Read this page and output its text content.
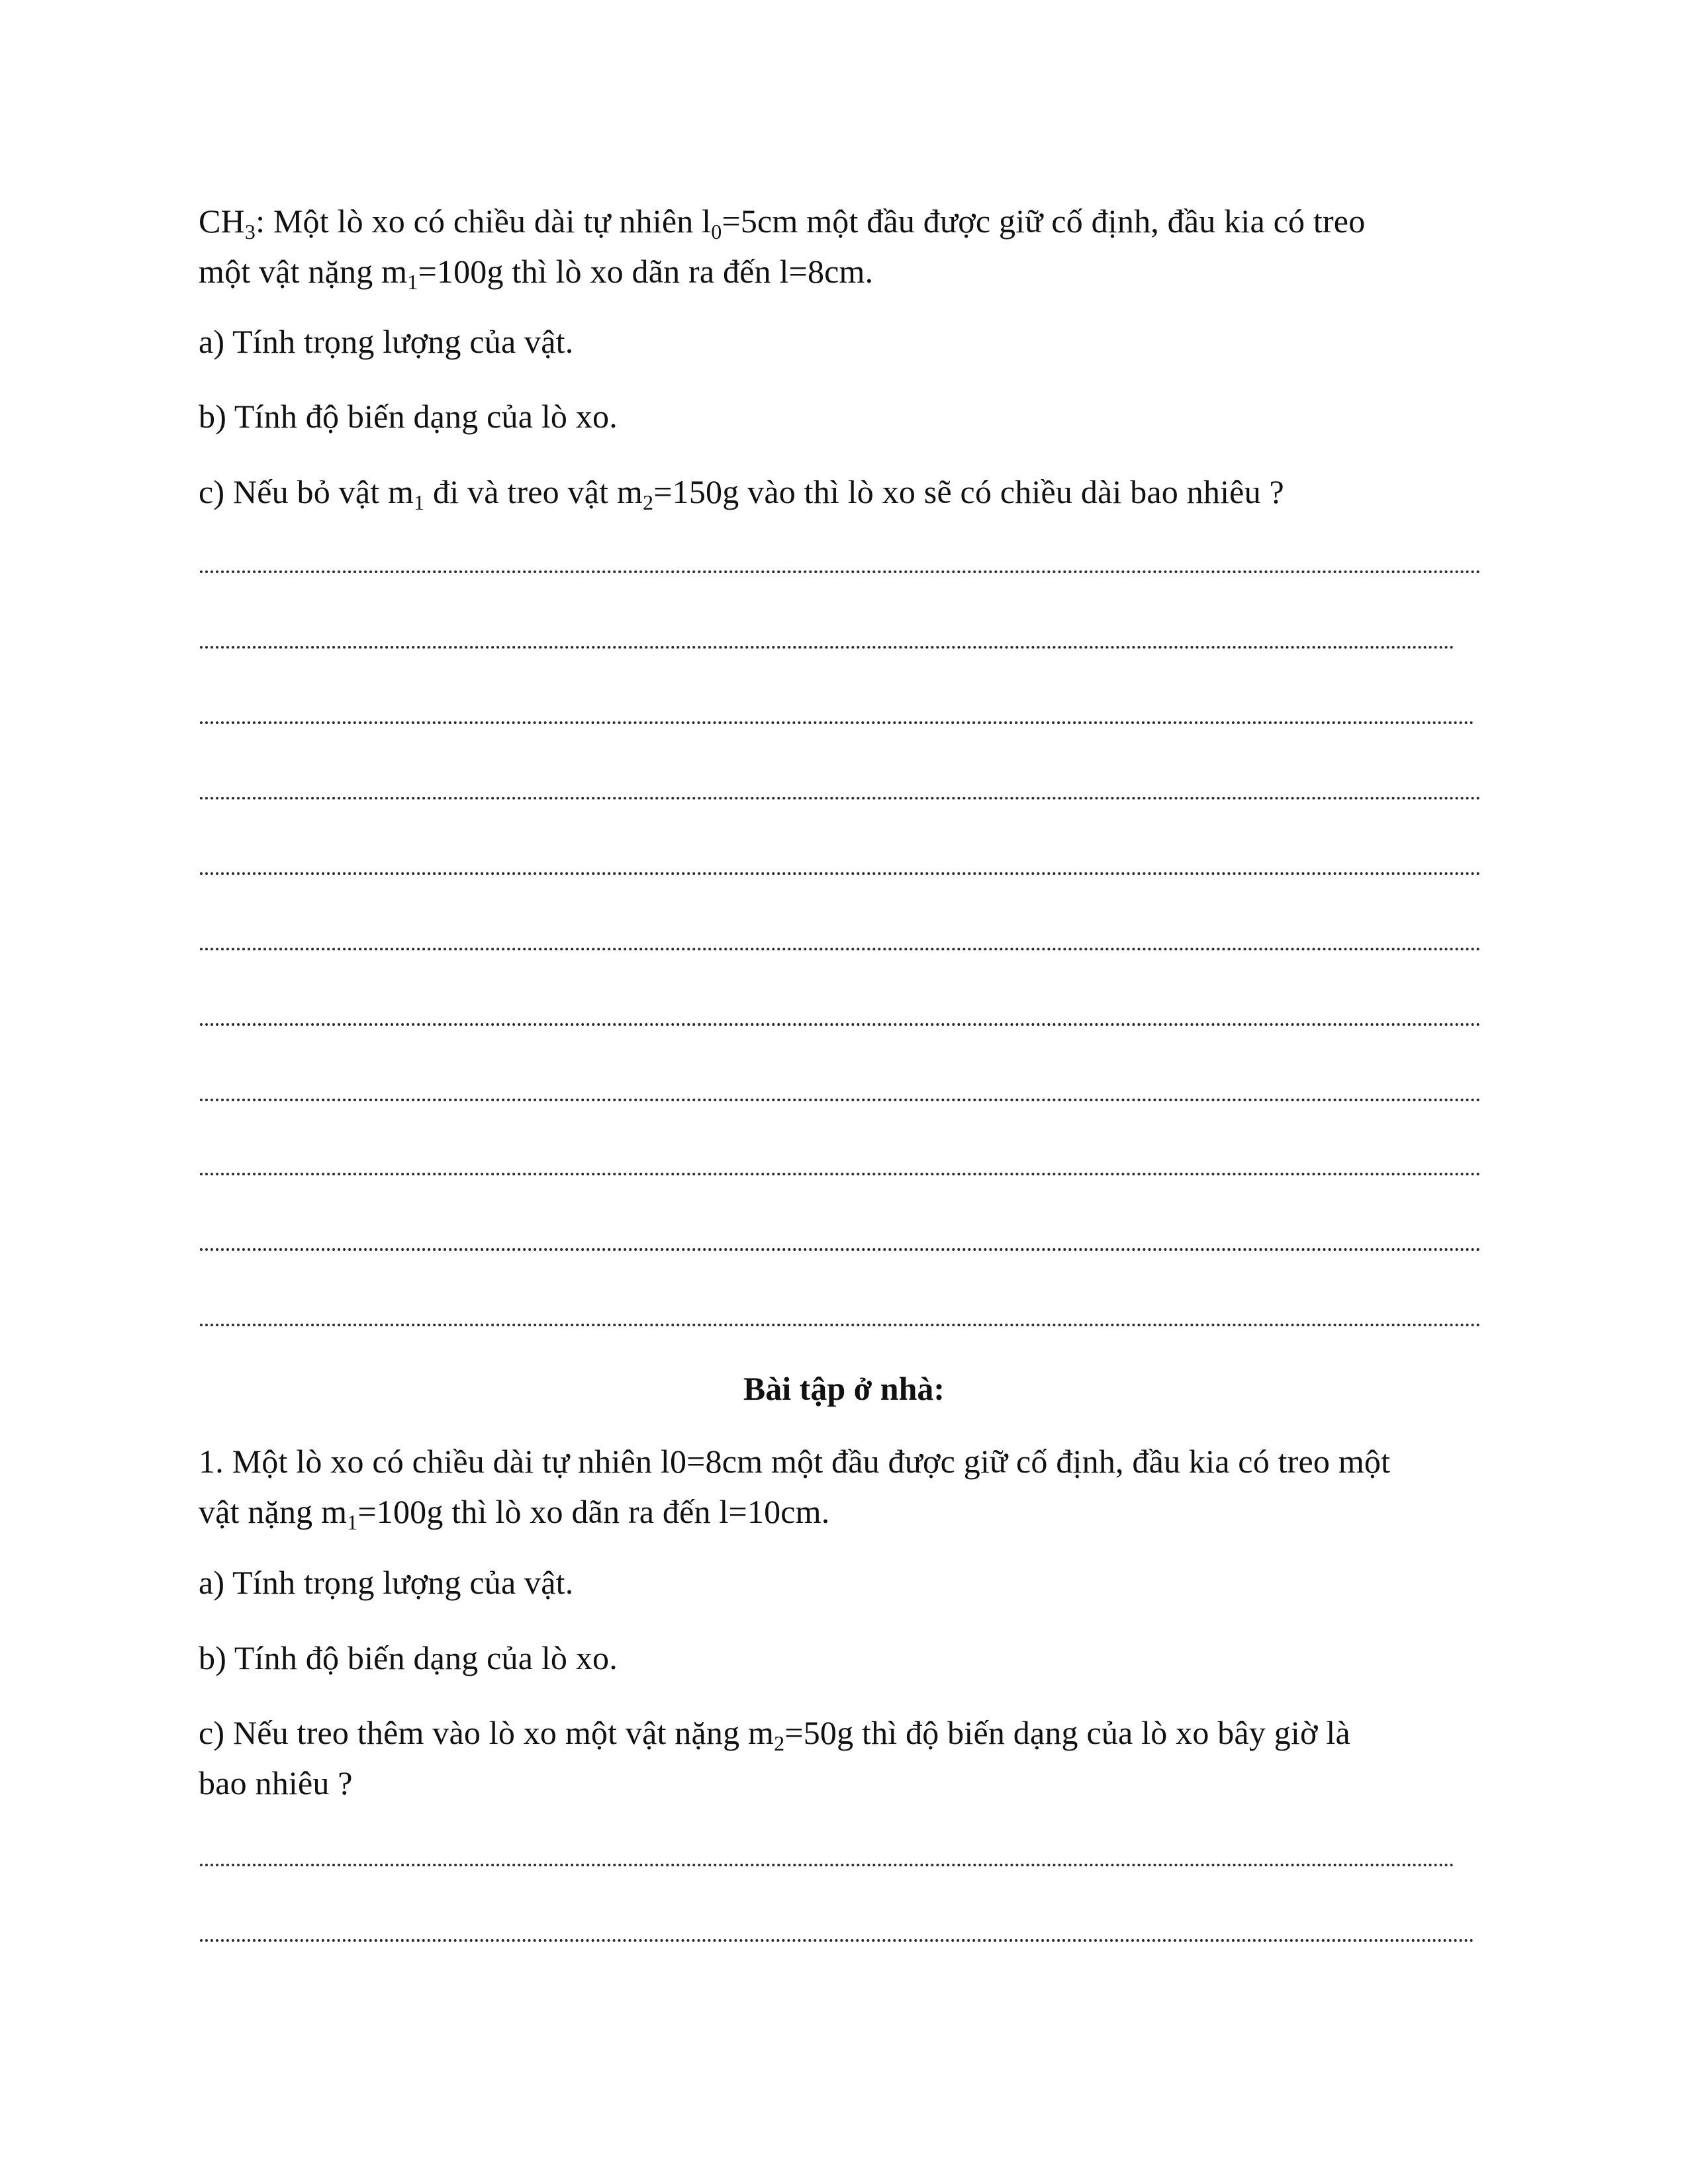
$CH_3$: Một lò xo có chiều dài tự nhiên $l_0=5cm$ một đầu được giữ cố định, đầu kia có treo
một vật nặng $m_1=100g$ thì lò xo dãn ra đến l=8cm.
a) Tính trọng lượng của vật.
b) Tính độ biến dạng của lò xo.
c) Nếu bỏ vật $m_1$ đi và treo vật $m_2=150g$ vào thì lò xo sẽ có chiều dài bao nhiêu ?
Bài tập ở nhà:
1. Một lò xo có chiều dài tự nhiên l0=8cm một đầu được giữ cố định, đầu kia có treo một
vật nặng $m_1=100g$ thì lò xo dãn ra đến l=10cm.
a) Tính trọng lượng của vật.
b) Tính độ biến dạng của lò xo.
c) Nếu treo thêm vào lò xo một vật nặng $m_2=50g$ thì độ biến dạng của lò xo bây giờ là
bao nhiêu ?
